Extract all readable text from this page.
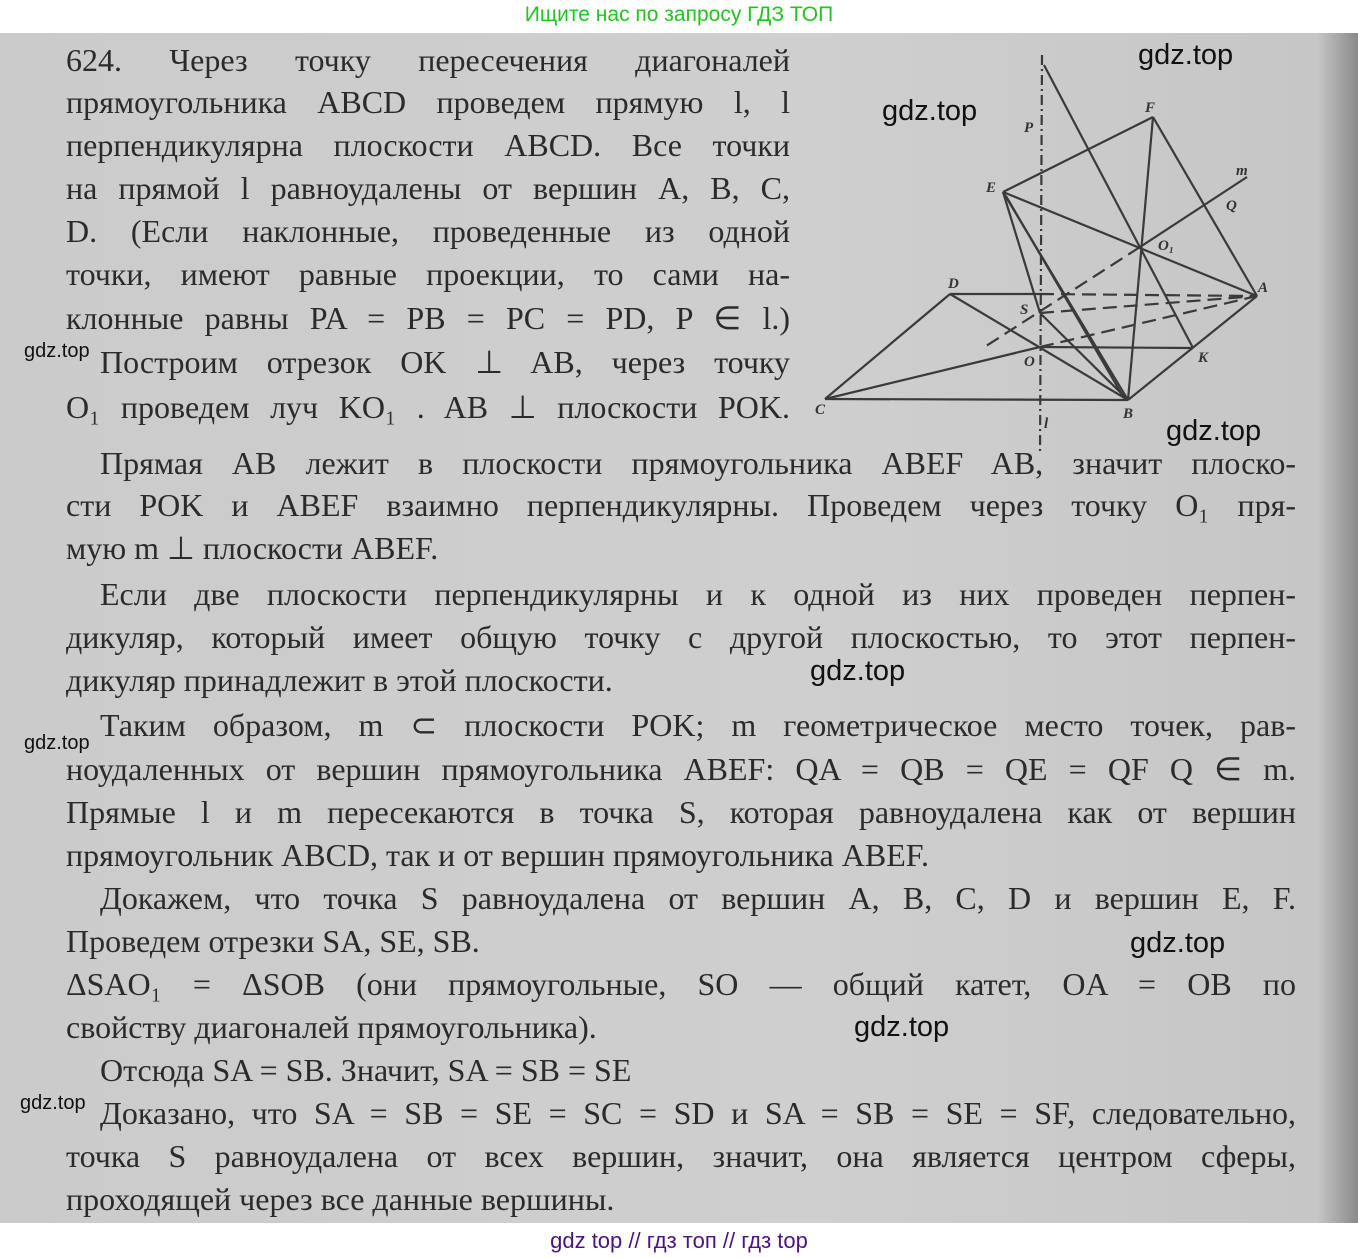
Ищите нас по запросу ГДЗ ТОП
624. Через точку пересечения диагоналей
прямоугольника ABCD проведем прямую l, l
перпендикулярна плоскости ABCD. Все точки
на прямой l равноудалены от вершин A, B, C,
D. (Если наклонные, проведенные из одной
точки, имеют равные проекции, то сами на-
клонные равны PA = PB = PC = PD, P ∈ l.)
Построим отрезок OK ⊥ AB, через точку
O₁ проведем луч KO₁ . AB ⊥ плоскости POK.
Прямая AB лежит в плоскости прямоугольника ABEF AB, значит плоско-
сти POK и ABEF взаимно перпендикулярны. Проведем через точку O₁ пря-
мую m ⊥ плоскости ABEF.
Если две плоскости перпендикулярны и к одной из них проведен перпен-
дикуляр, который имеет общую точку с другой плоскостью, то этот перпен-
дикуляр принадлежит в этой плоскости.
Таким образом, m ⊂ плоскости POK; m геометрическое место точек, рав-
ноудаленных от вершин прямоугольника ABEF: QA = QB = QE = QF Q ∈ m.
Прямые l и m пересекаются в точка S, которая равноудалена как от вершин
прямоугольник ABCD, так и от вершин прямоугольника ABEF.
Докажем, что точка S равноудалена от вершин A, B, C, D и вершин E, F.
Проведем отрезки SA, SE, SB.
ΔSAO₁ = ΔSOB (они прямоугольные, SO — общий катет, OA = OB по
свойству диагоналей прямоугольника).
Отсюда SA = SB. Значит, SA = SB = SE
Доказано, что SA = SB = SE = SC = SD и SA = SB = SE = SF, следовательно,
точка S равноудалена от всех вершин, значит, она является центром сферы,
проходящей через все данные вершины.
P
F
E
m
Q
O₁
D
S
A
O	K
C	B
l
gdz.top
gdz.top
gdz.top
gdz.top
gdz.top
gdz.top
gdz.top
gdz.top
gdz.top
gdz top // гдз топ // гдз top
